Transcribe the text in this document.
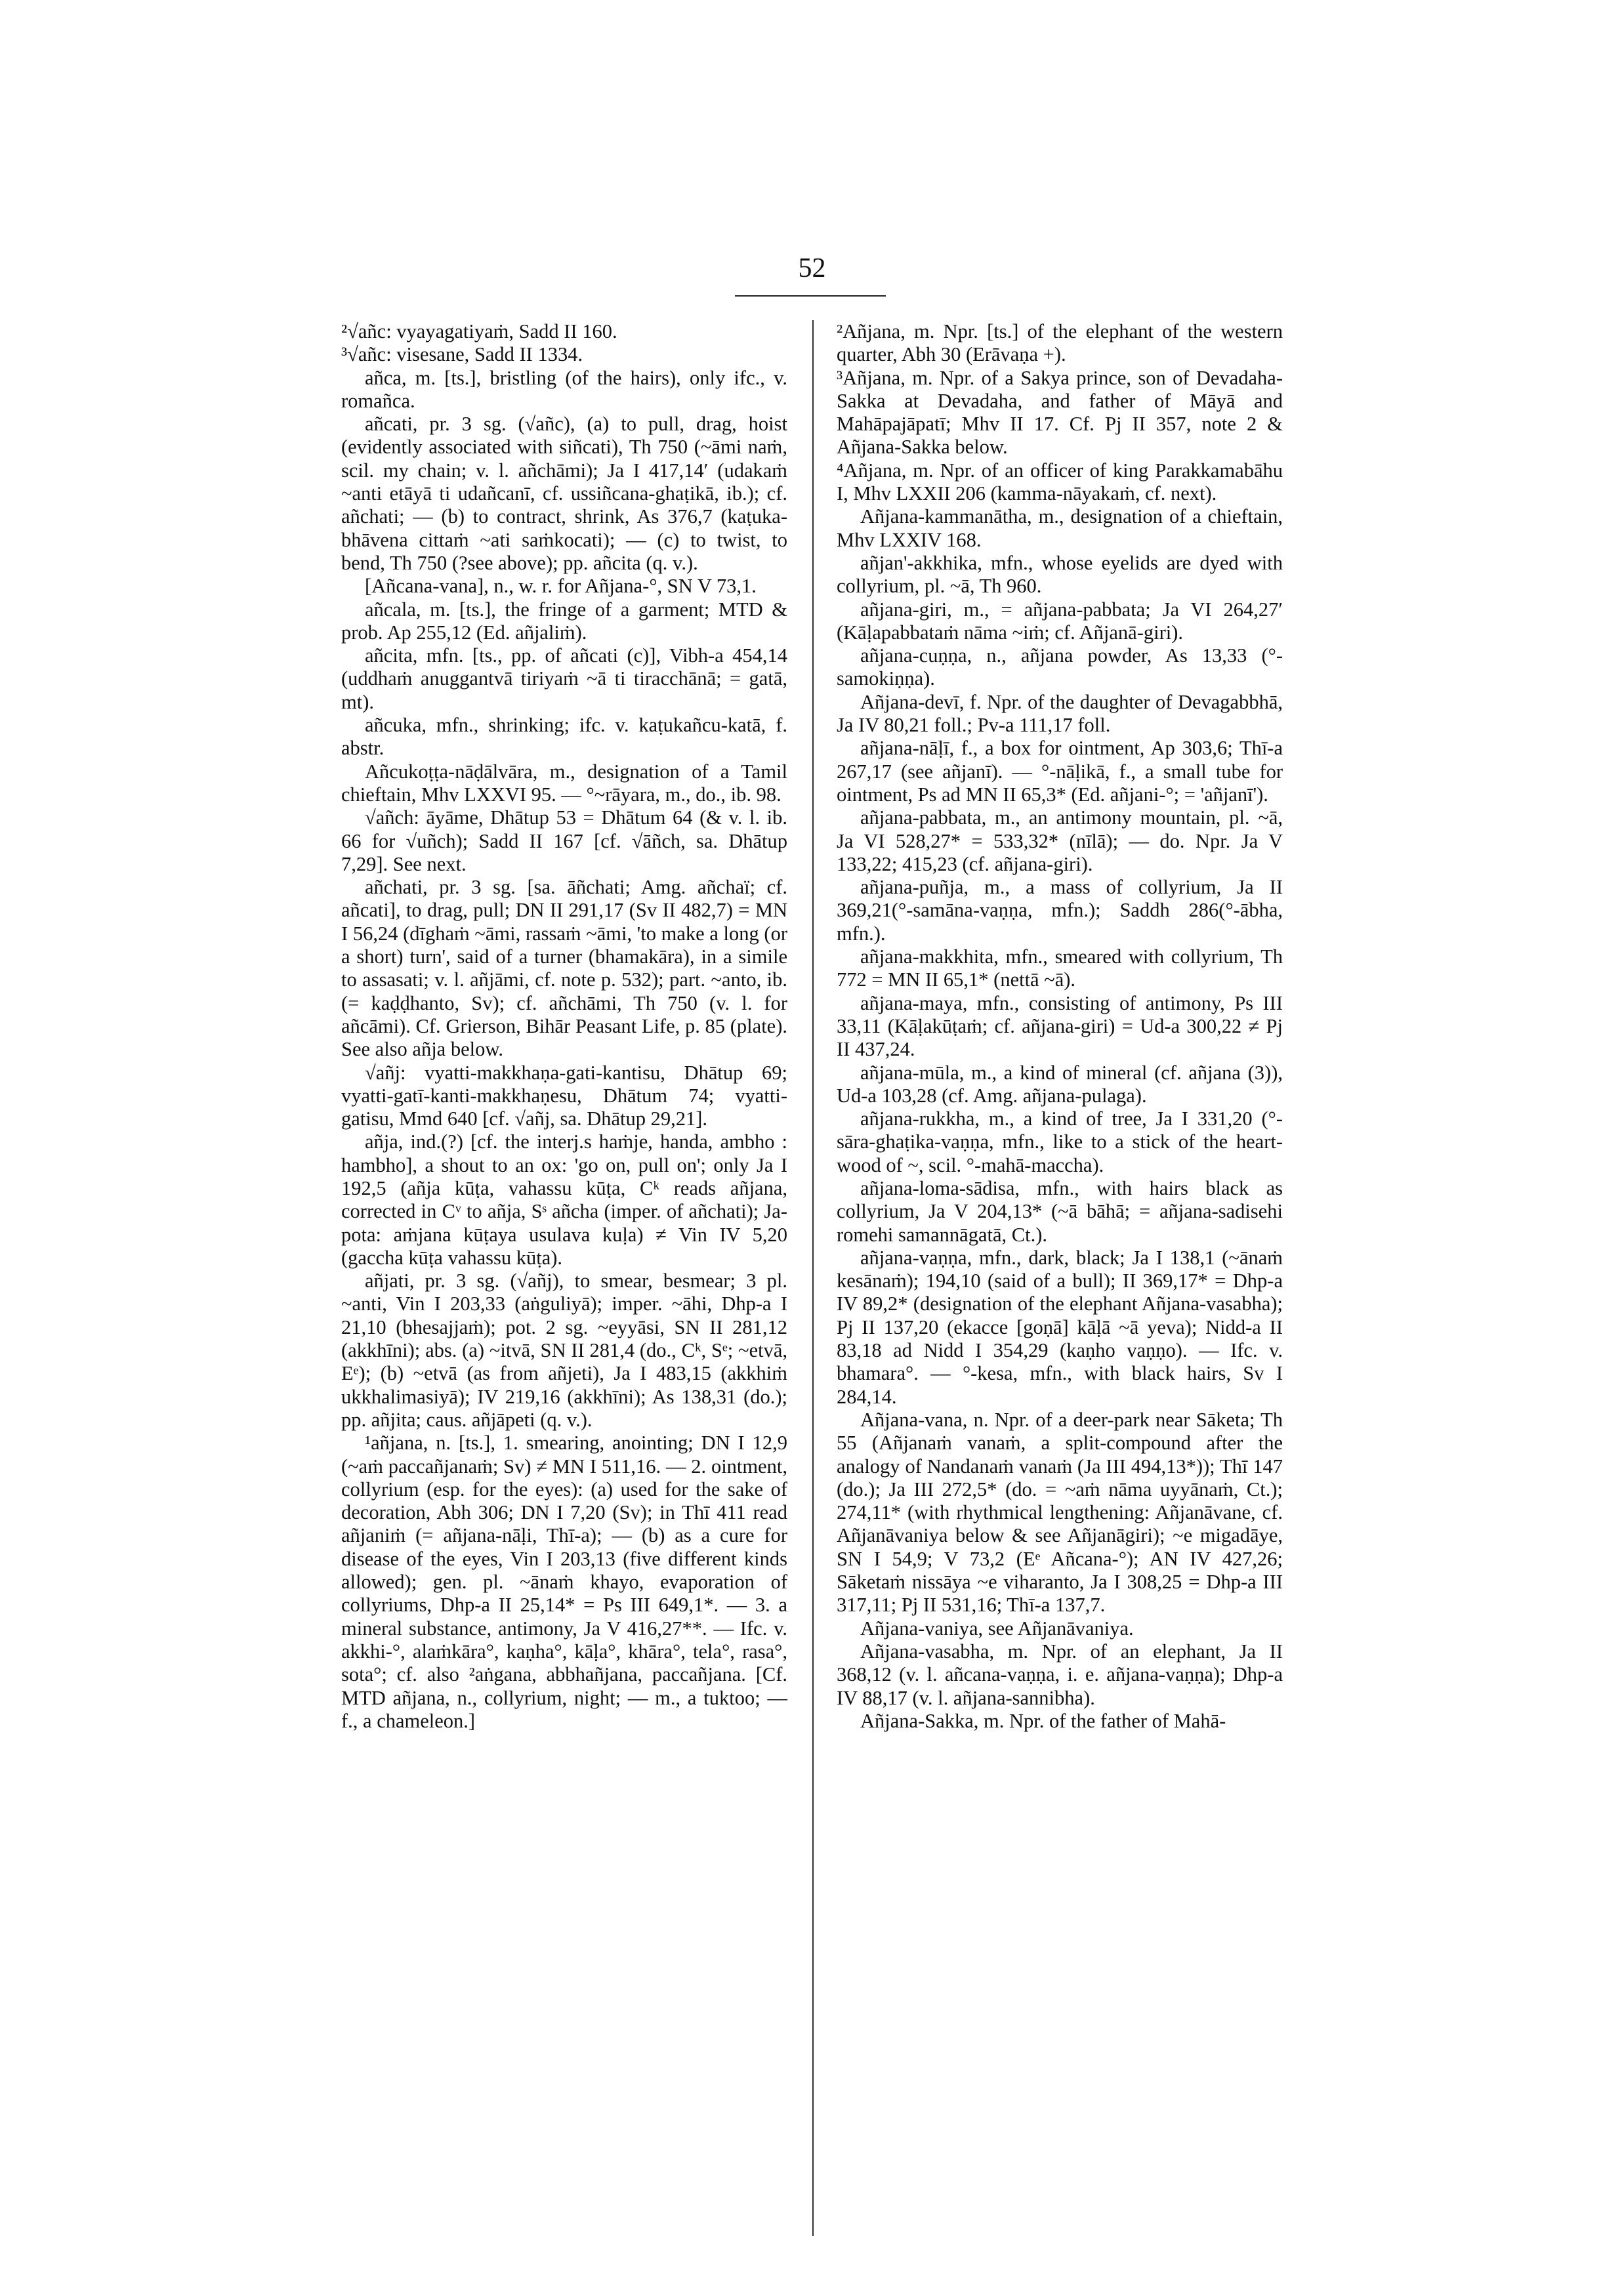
52

²√añc: vyayagatiyaṁ, Sadd II 160.

³√añc: visesane, Sadd II 1334.

añca, m. [ts.], bristling (of the hairs), only ifc., v. romañca.

añcati, pr. 3 sg. (√añc), (a) to pull, drag, hoist (evidently associated with siñcati), Th 750 (~āmi naṁ, scil. my chain; v. l. añchāmi); Ja I 417,14′ (udakaṁ ~anti etāyā ti udañcanī, cf. ussiñcana-ghaṭikā, ib.); cf. añchati; — (b) to contract, shrink, As 376,7 (kaṭuka-bhāvena cittaṁ ~ati saṁkocati); — (c) to twist, to bend, Th 750 (?see above); pp. añcita (q. v.).

[Añcana-vana], n., w. r. for Añjana-°, SN V 73,1.

añcala, m. [ts.], the fringe of a garment; MTD & prob. Ap 255,12 (Ed. añjaliṁ).

añcita, mfn. [ts., pp. of añcati (c)], Vibh-a 454,14 (uddhaṁ anuggantvā tiriyaṁ ~ā ti tiracchānā; = gatā, mt).

añcuka, mfn., shrinking; ifc. v. kaṭukañcu-katā, f. abstr.

Añcukoṭṭa-nāḍālvāra, m., designation of a Tamil chieftain, Mhv LXXVI 95. — °~rāyara, m., do., ib. 98.

√añch: āyāme, Dhātup 53 = Dhātum 64 (& v. l. ib. 66 for √uñch); Sadd II 167 [cf. √āñch, sa. Dhātup 7,29]. See next.

añchati, pr. 3 sg. [sa. āñchati; Amg. añchaï; cf. añcati], to drag, pull; DN II 291,17 (Sv II 482,7) = MN I 56,24 (dīghaṁ ~āmi, rassaṁ ~āmi, 'to make a long (or a short) turn', said of a turner (bhamakāra), in a simile to assasati; v. l. añjāmi, cf. note p. 532); part. ~anto, ib. (= kaḍḍhanto, Sv); cf. añchāmi, Th 750 (v. l. for añcāmi). Cf. Grierson, Bihār Peasant Life, p. 85 (plate). See also añja below.

√añj: vyatti-makkhaṇa-gati-kantisu, Dhātup 69; vyatti-gatī-kanti-makkhaṇesu, Dhātum 74; vyatti-gatisu, Mmd 640 [cf. √añj, sa. Dhātup 29,21].

añja, ind.(?) [cf. the interj.s haṁje, handa, ambho : hambho], a shout to an ox: 'go on, pull on'; only Ja I 192,5 (añja kūṭa, vahassu kūṭa, Cᵏ reads añjana, corrected in Cᵛ to añja, Sˢ añcha (imper. of añchati); Ja-pota: aṁjana kūṭaya usulava kuḷa) ≠ Vin IV 5,20 (gaccha kūṭa vahassu kūṭa).

añjati, pr. 3 sg. (√añj), to smear, besmear; 3 pl. ~anti, Vin I 203,33 (aṅguliyā); imper. ~āhi, Dhp-a I 21,10 (bhesajjaṁ); pot. 2 sg. ~eyyāsi, SN II 281,12 (akkhīni); abs. (a) ~itvā, SN II 281,4 (do., Cᵏ, Sᵉ; ~etvā, Eᵉ); (b) ~etvā (as from añjeti), Ja I 483,15 (akkhiṁ ukkhalimasiyā); IV 219,16 (akkhīni); As 138,31 (do.); pp. añjita; caus. añjāpeti (q. v.).

¹añjana, n. [ts.], 1. smearing, anointing; DN I 12,9 (~aṁ paccañjanaṁ; Sv) ≠ MN I 511,16. — 2. ointment, collyrium (esp. for the eyes): (a) used for the sake of decoration, Abh 306; DN I 7,20 (Sv); in Thī 411 read añjaniṁ (= añjana-nāḷi, Thī-a); — (b) as a cure for disease of the eyes, Vin I 203,13 (five different kinds allowed); gen. pl. ~ānaṁ khayo, evaporation of collyriums, Dhp-a II 25,14* = Ps III 649,1*. — 3. a mineral substance, antimony, Ja V 416,27**. — Ifc. v. akkhi-°, alaṁkāra°, kaṇha°, kāḷa°, khāra°, tela°, rasa°, sota°; cf. also ²aṅgana, abbhañjana, paccañjana. [Cf. MTD añjana, n., collyrium, night; — m., a tuktoo; — f., a chameleon.]

²Añjana, m. Npr. [ts.] of the elephant of the western quarter, Abh 30 (Erāvaṇa +).

³Añjana, m. Npr. of a Sakya prince, son of Devadaha-Sakka at Devadaha, and father of Māyā and Mahāpajāpatī; Mhv II 17. Cf. Pj II 357, note 2 & Añjana-Sakka below.

⁴Añjana, m. Npr. of an officer of king Parakkamabāhu I, Mhv LXXII 206 (kamma-nāyakaṁ, cf. next).

Añjana-kammanātha, m., designation of a chieftain, Mhv LXXIV 168.

añjan'-akkhika, mfn., whose eyelids are dyed with collyrium, pl. ~ā, Th 960.

añjana-giri, m., = añjana-pabbata; Ja VI 264,27′ (Kāḷapabbataṁ nāma ~iṁ; cf. Añjanā-giri).

añjana-cuṇṇa, n., añjana powder, As 13,33 (°-samokiṇṇa).

Añjana-devī, f. Npr. of the daughter of Devagabbhā, Ja IV 80,21 foll.; Pv-a 111,17 foll.

añjana-nāḷī, f., a box for ointment, Ap 303,6; Thī-a 267,17 (see añjanī). — °-nāḷikā, f., a small tube for ointment, Ps ad MN II 65,3* (Ed. añjani-°; = 'añjanī').

añjana-pabbata, m., an antimony mountain, pl. ~ā, Ja VI 528,27* = 533,32* (nīlā); — do. Npr. Ja V 133,22; 415,23 (cf. añjana-giri).

añjana-puñja, m., a mass of collyrium, Ja II 369,21(°-samāna-vaṇṇa, mfn.); Saddh 286(°-ābha, mfn.).

añjana-makkhita, mfn., smeared with collyrium, Th 772 = MN II 65,1* (nettā ~ā).

añjana-maya, mfn., consisting of antimony, Ps III 33,11 (Kāḷakūṭaṁ; cf. añjana-giri) = Ud-a 300,22 ≠ Pj II 437,24.

añjana-mūla, m., a kind of mineral (cf. añjana (3)), Ud-a 103,28 (cf. Amg. añjana-pulaga).

añjana-rukkha, m., a kind of tree, Ja I 331,20 (°-sāra-ghaṭika-vaṇṇa, mfn., like to a stick of the heart-wood of ~, scil. °-mahā-maccha).

añjana-loma-sādisa, mfn., with hairs black as collyrium, Ja V 204,13* (~ā bāhā; = añjana-sadisehi romehi samannāgatā, Ct.).

añjana-vaṇṇa, mfn., dark, black; Ja I 138,1 (~ānaṁ kesānaṁ); 194,10 (said of a bull); II 369,17* = Dhp-a IV 89,2* (designation of the elephant Añjana-vasabha); Pj II 137,20 (ekacce [goṇā] kāḷā ~ā yeva); Nidd-a II 83,18 ad Nidd I 354,29 (kaṇho vaṇṇo). — Ifc. v. bhamara°. — °-kesa, mfn., with black hairs, Sv I 284,14.

Añjana-vana, n. Npr. of a deer-park near Sāketa; Th 55 (Añjanaṁ vanaṁ, a split-compound after the analogy of Nandanaṁ vanaṁ (Ja III 494,13*)); Thī 147 (do.); Ja III 272,5* (do. = ~aṁ nāma uyyānaṁ, Ct.); 274,11* (with rhythmical lengthening: Añjanāvane, cf. Añjanāvaniya below & see Añjanāgiri); ~e migadāye, SN I 54,9; V 73,2 (Eᵉ Añcana-°); AN IV 427,26; Sāketaṁ nissāya ~e viharanto, Ja I 308,25 = Dhp-a III 317,11; Pj II 531,16; Thī-a 137,7.

Añjana-vaniya, see Añjanāvaniya.

Añjana-vasabha, m. Npr. of an elephant, Ja II 368,12 (v. l. añcana-vaṇṇa, i. e. añjana-vaṇṇa); Dhp-a IV 88,17 (v. l. añjana-sannibha).

Añjana-Sakka, m. Npr. of the father of Mahā-
